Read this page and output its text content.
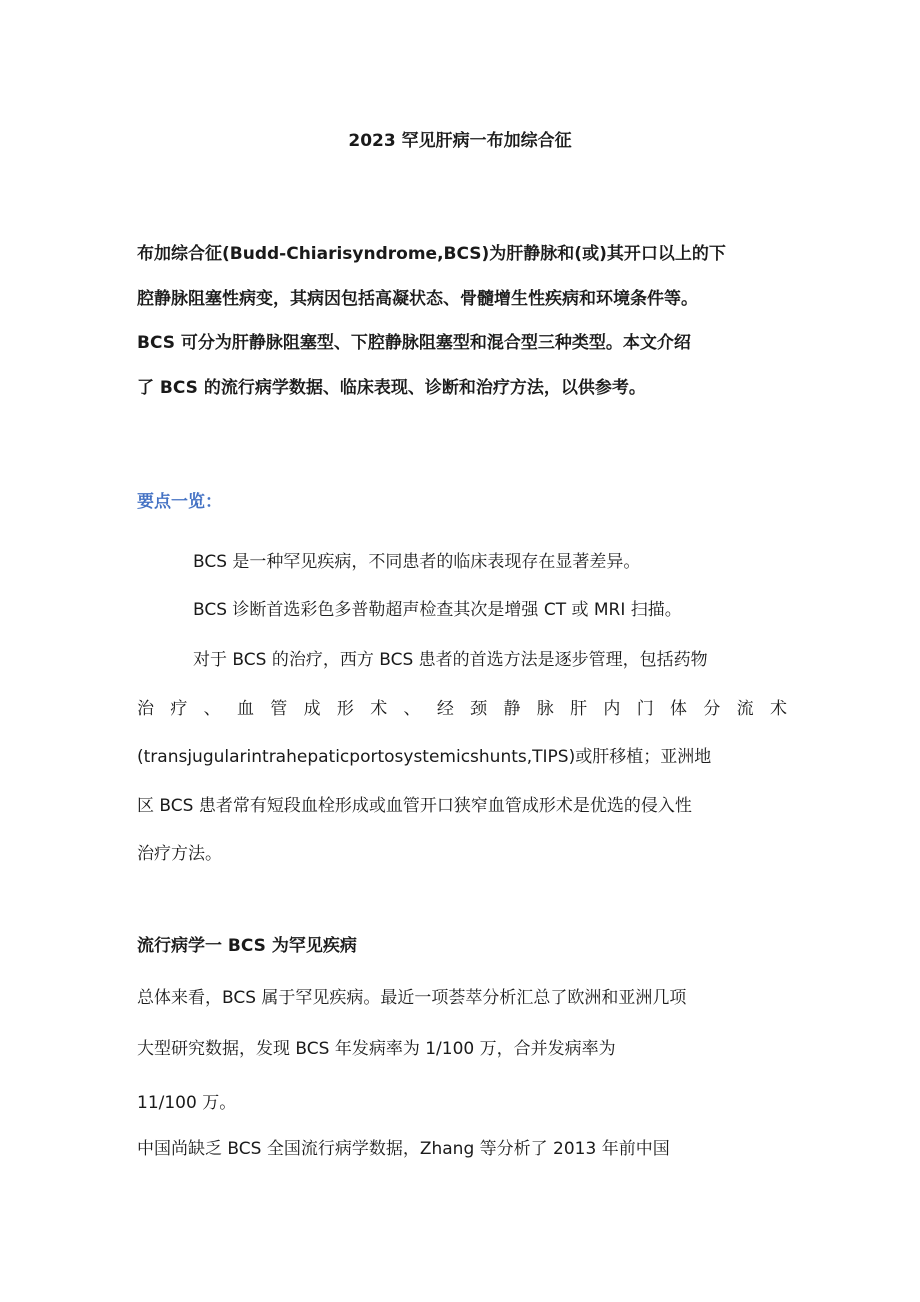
2023 罕见肝病一布加综合征

布加综合征(Budd-Chiarisyndrome,BCS)为肝静脉和(或)其开口以上的下

腔静脉阻塞性病变，其病因包括高凝状态、骨髓增生性疾病和环境条件等。

BCS 可分为肝静脉阻塞型、下腔静脉阻塞型和混合型三种类型。本文介绍

了 BCS 的流行病学数据、临床表现、诊断和治疗方法，以供参考。

要点一览：

BCS 是一种罕见疾病，不同患者的临床表现存在显著差异。

BCS 诊断首选彩色多普勒超声检查其次是增强 CT 或 MRI 扫描。

对于 BCS 的治疗，西方 BCS 患者的首选方法是逐步管理，包括药物
治 疗 、 血 管 成 形 术 、 经 颈 静 脉 肝 内 门 体 分 流 术
(transjugularintrahepaticportosystemicshunts,TIPS)或肝移植；亚洲地
区 BCS 患者常有短段血栓形成或血管开口狭窄血管成形术是优选的侵入性
治疗方法。
流行病学一 BCS 为罕见疾病

总体来看，BCS 属于罕见疾病。最近一项荟萃分析汇总了欧洲和亚洲几项

大型研究数据，发现 BCS 年发病率为 1/100 万，合并发病率为

11/100 万。

中国尚缺乏 BCS 全国流行病学数据，Zhang 等分析了 2013 年前中国
